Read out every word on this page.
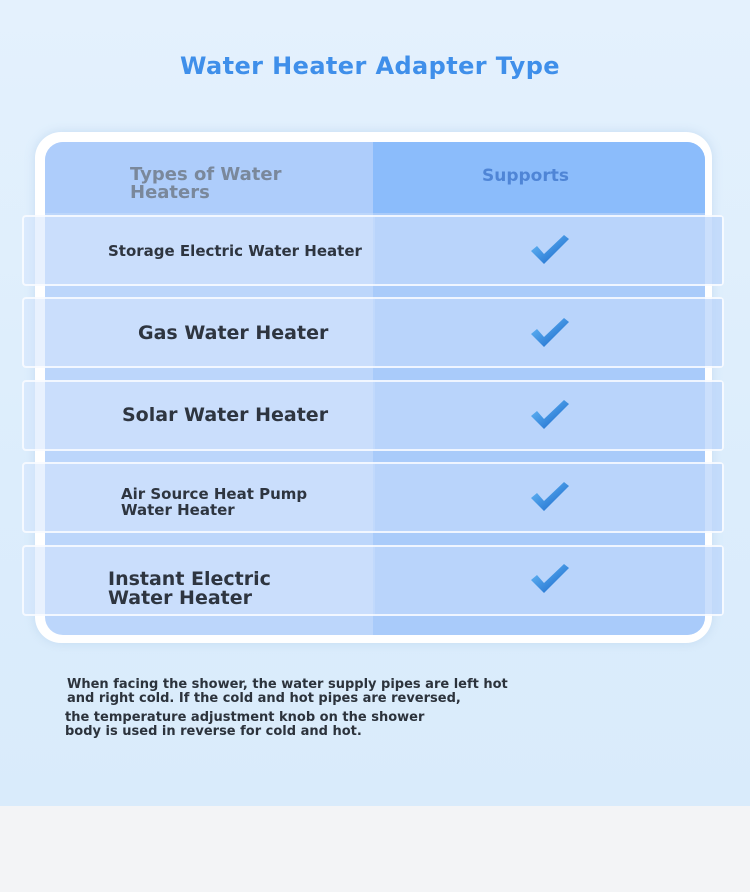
Water Heater Adapter Type
Types of Water
Heaters
Supports
Storage Electric Water Heater
Gas Water Heater
Solar Water Heater
Air Source Heat Pump
Water Heater
Instant Electric
Water Heater
When facing the shower, the water supply pipes are left hot
and right cold. If the cold and hot pipes are reversed,
the temperature adjustment knob on the shower
body is used in reverse for cold and hot.
